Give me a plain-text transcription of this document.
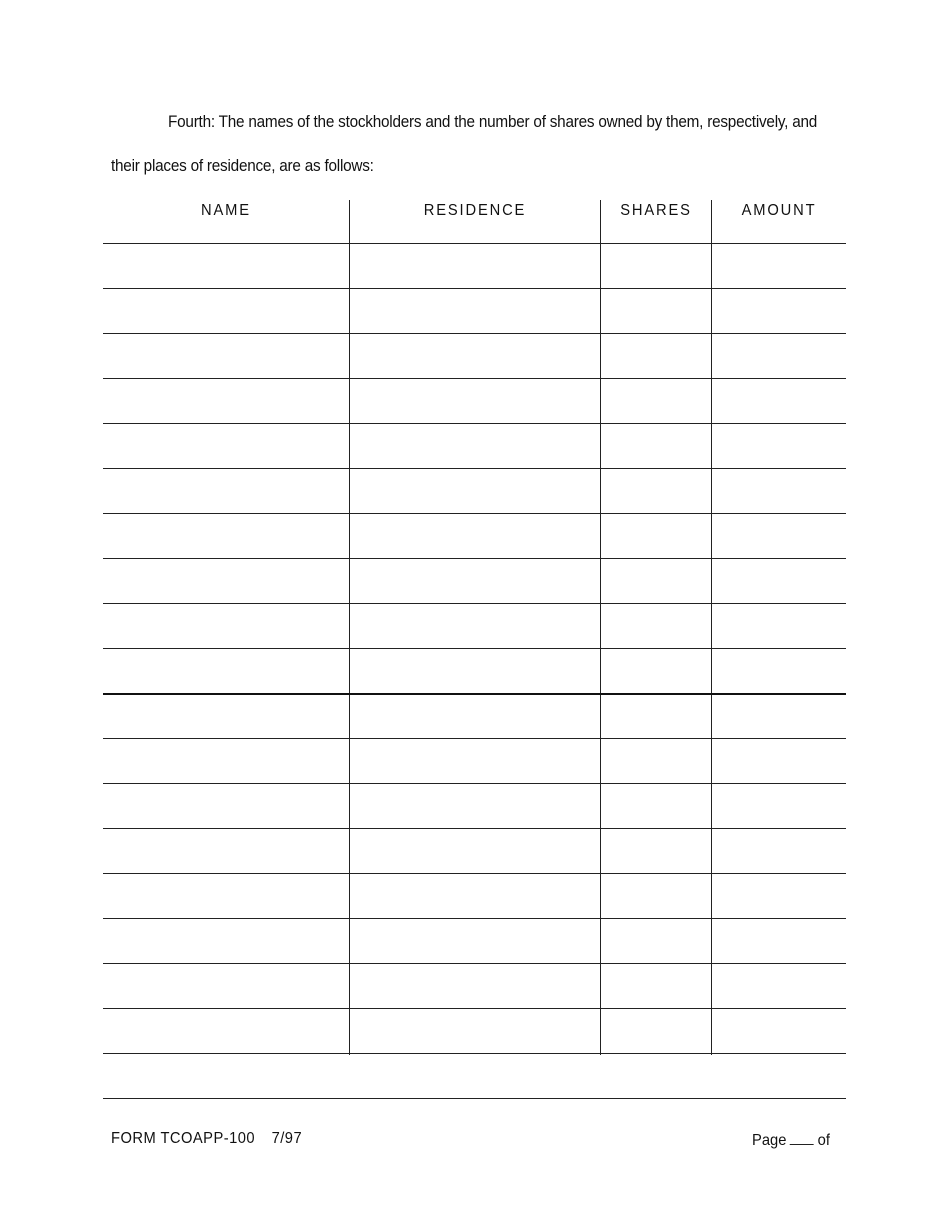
Fourth: The names of the stockholders and the number of shares owned by them, respectively, and
their places of residence, are as follows:
NAME	RESIDENCE	SHARES	AMOUNT
FORM TCOAPP-100 7/97	Page of
